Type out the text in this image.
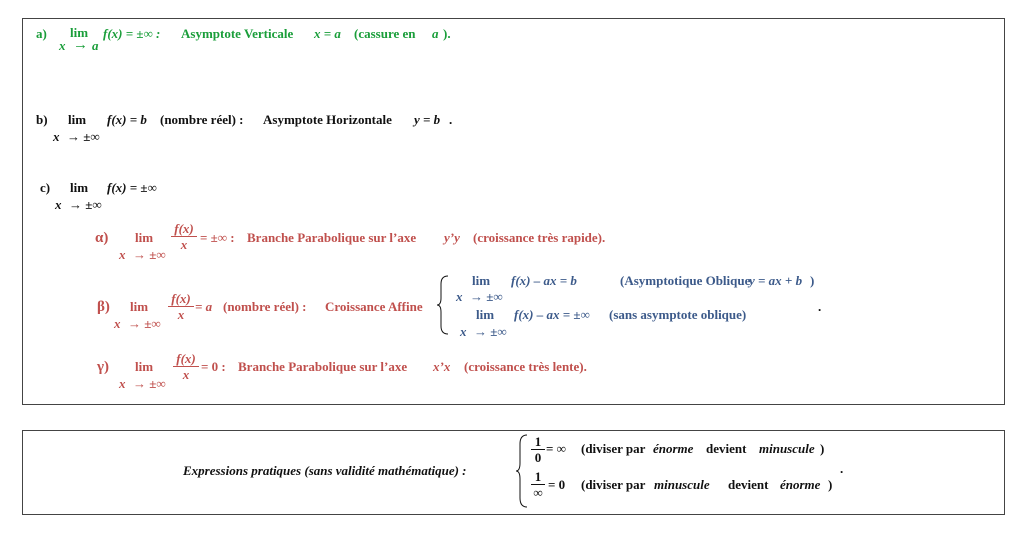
a) lim
x → a
f(x) = ±∞ : Asymptote Verticale x = a (cassure en a ).
b) lim
x → ±∞
f(x) = b (nombre réel) : Asymptote Horizontale y = b .
c) lim
x → ±∞
f(x) = ±∞
α) lim
x → ±∞
f(x)
x = ±∞ : Branche Parabolique sur l’axe y’y (croissance très rapide).
β) lim
x → ±∞
f(x)
x
= a (nombre réel) : Croissance Affine
lim
x → ±∞
f(x) – ax = b	(Asymptotique Oblique
y = ax + b )
lim
x → ±∞
f(x) – ax = ±∞ (sans asymptote oblique)
.
γ) lim
x → ±∞
f(x)
x
= 0 : Branche Parabolique sur l’axe x’x (croissance très lente).
Expressions pratiques (sans validité mathématique) :
1
0
= ∞ (diviser par énorme devient minuscule )
1
∞
= 0 (diviser par minuscule devient énorme )
.
